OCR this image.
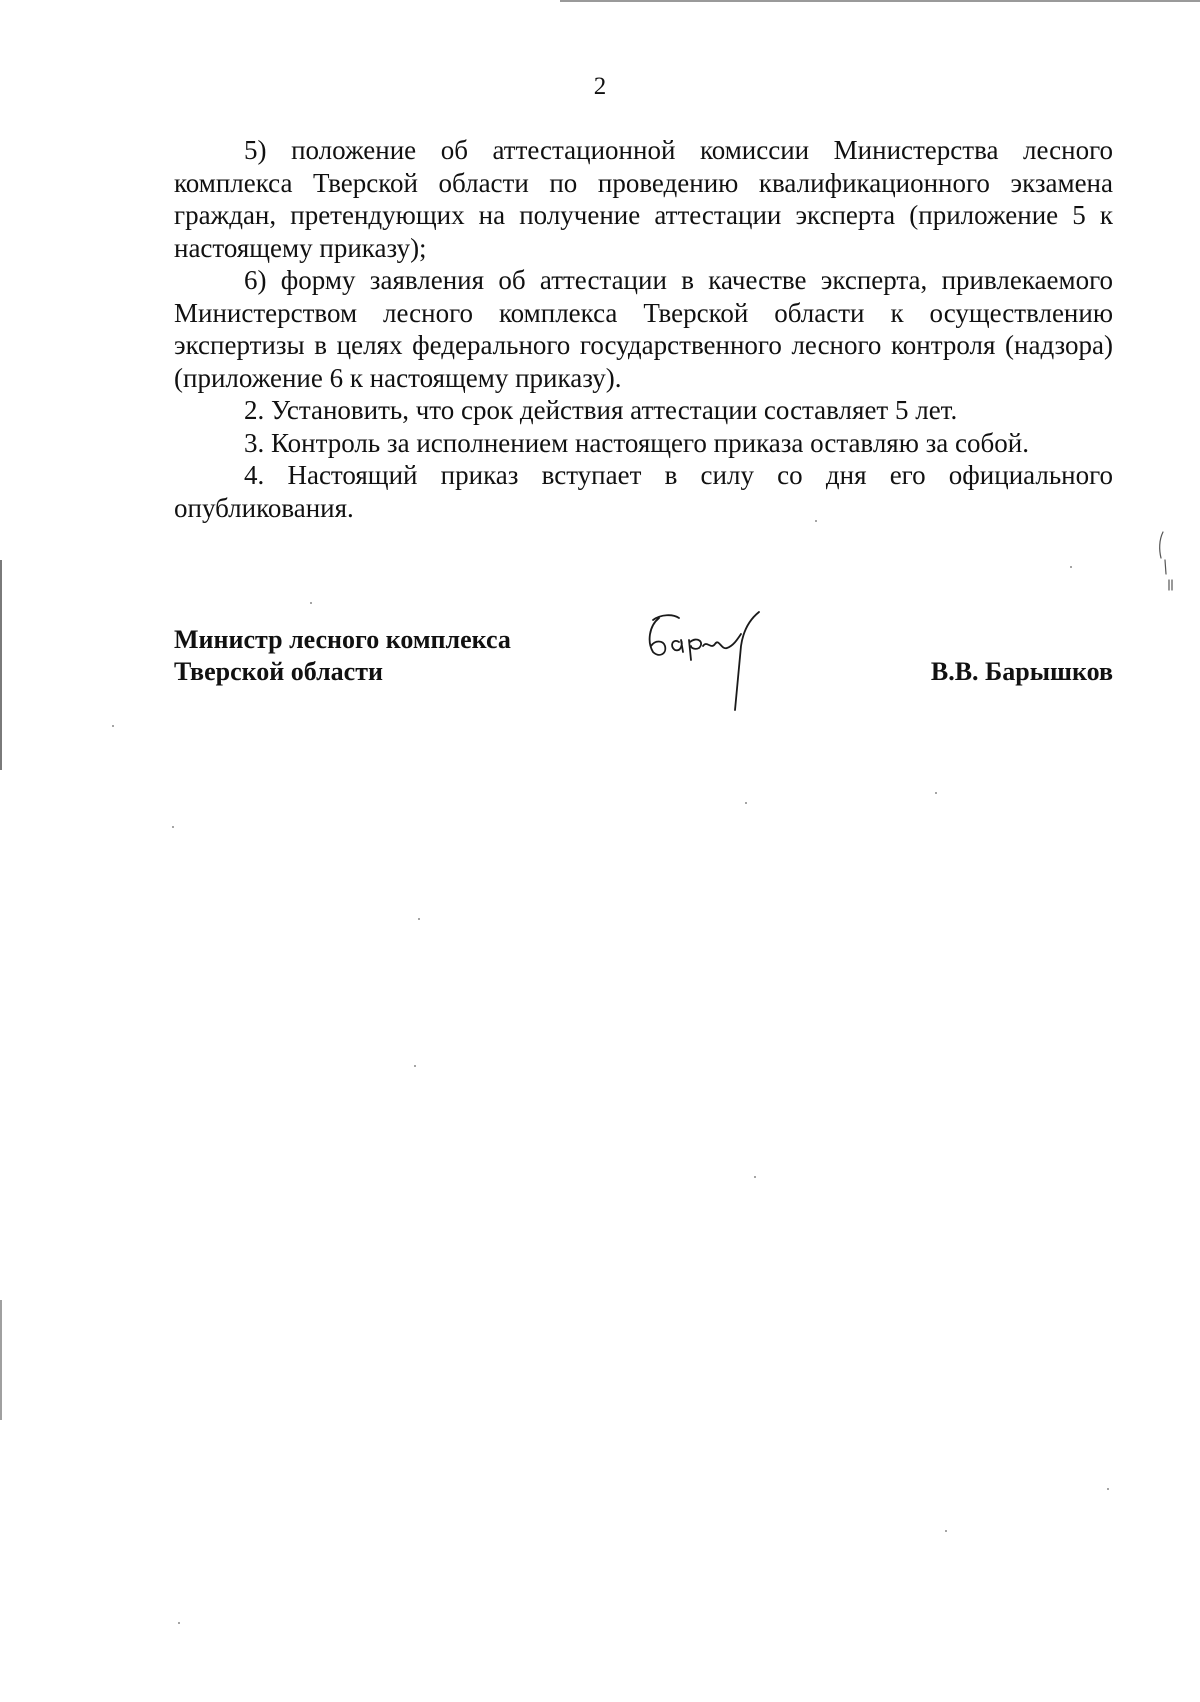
2

5) положение об аттестационной комиссии Министерства лесного комплекса Тверской области по проведению квалификационного экзамена граждан, претендующих на получение аттестации эксперта (приложение 5 к настоящему приказу);

6) форму заявления об аттестации в качестве эксперта, привлекаемого Министерством лесного комплекса Тверской области к осуществлению экспертизы в целях федерального государственного лесного контроля (надзора) (приложение 6 к настоящему приказу).

2. Установить, что срок действия аттестации составляет 5 лет.

3. Контроль за исполнением настоящего приказа оставляю за собой.

4. Настоящий приказ вступает в силу со дня его официального опубликования.

Министр лесного комплекса
Тверской области	В.В. Барышков
